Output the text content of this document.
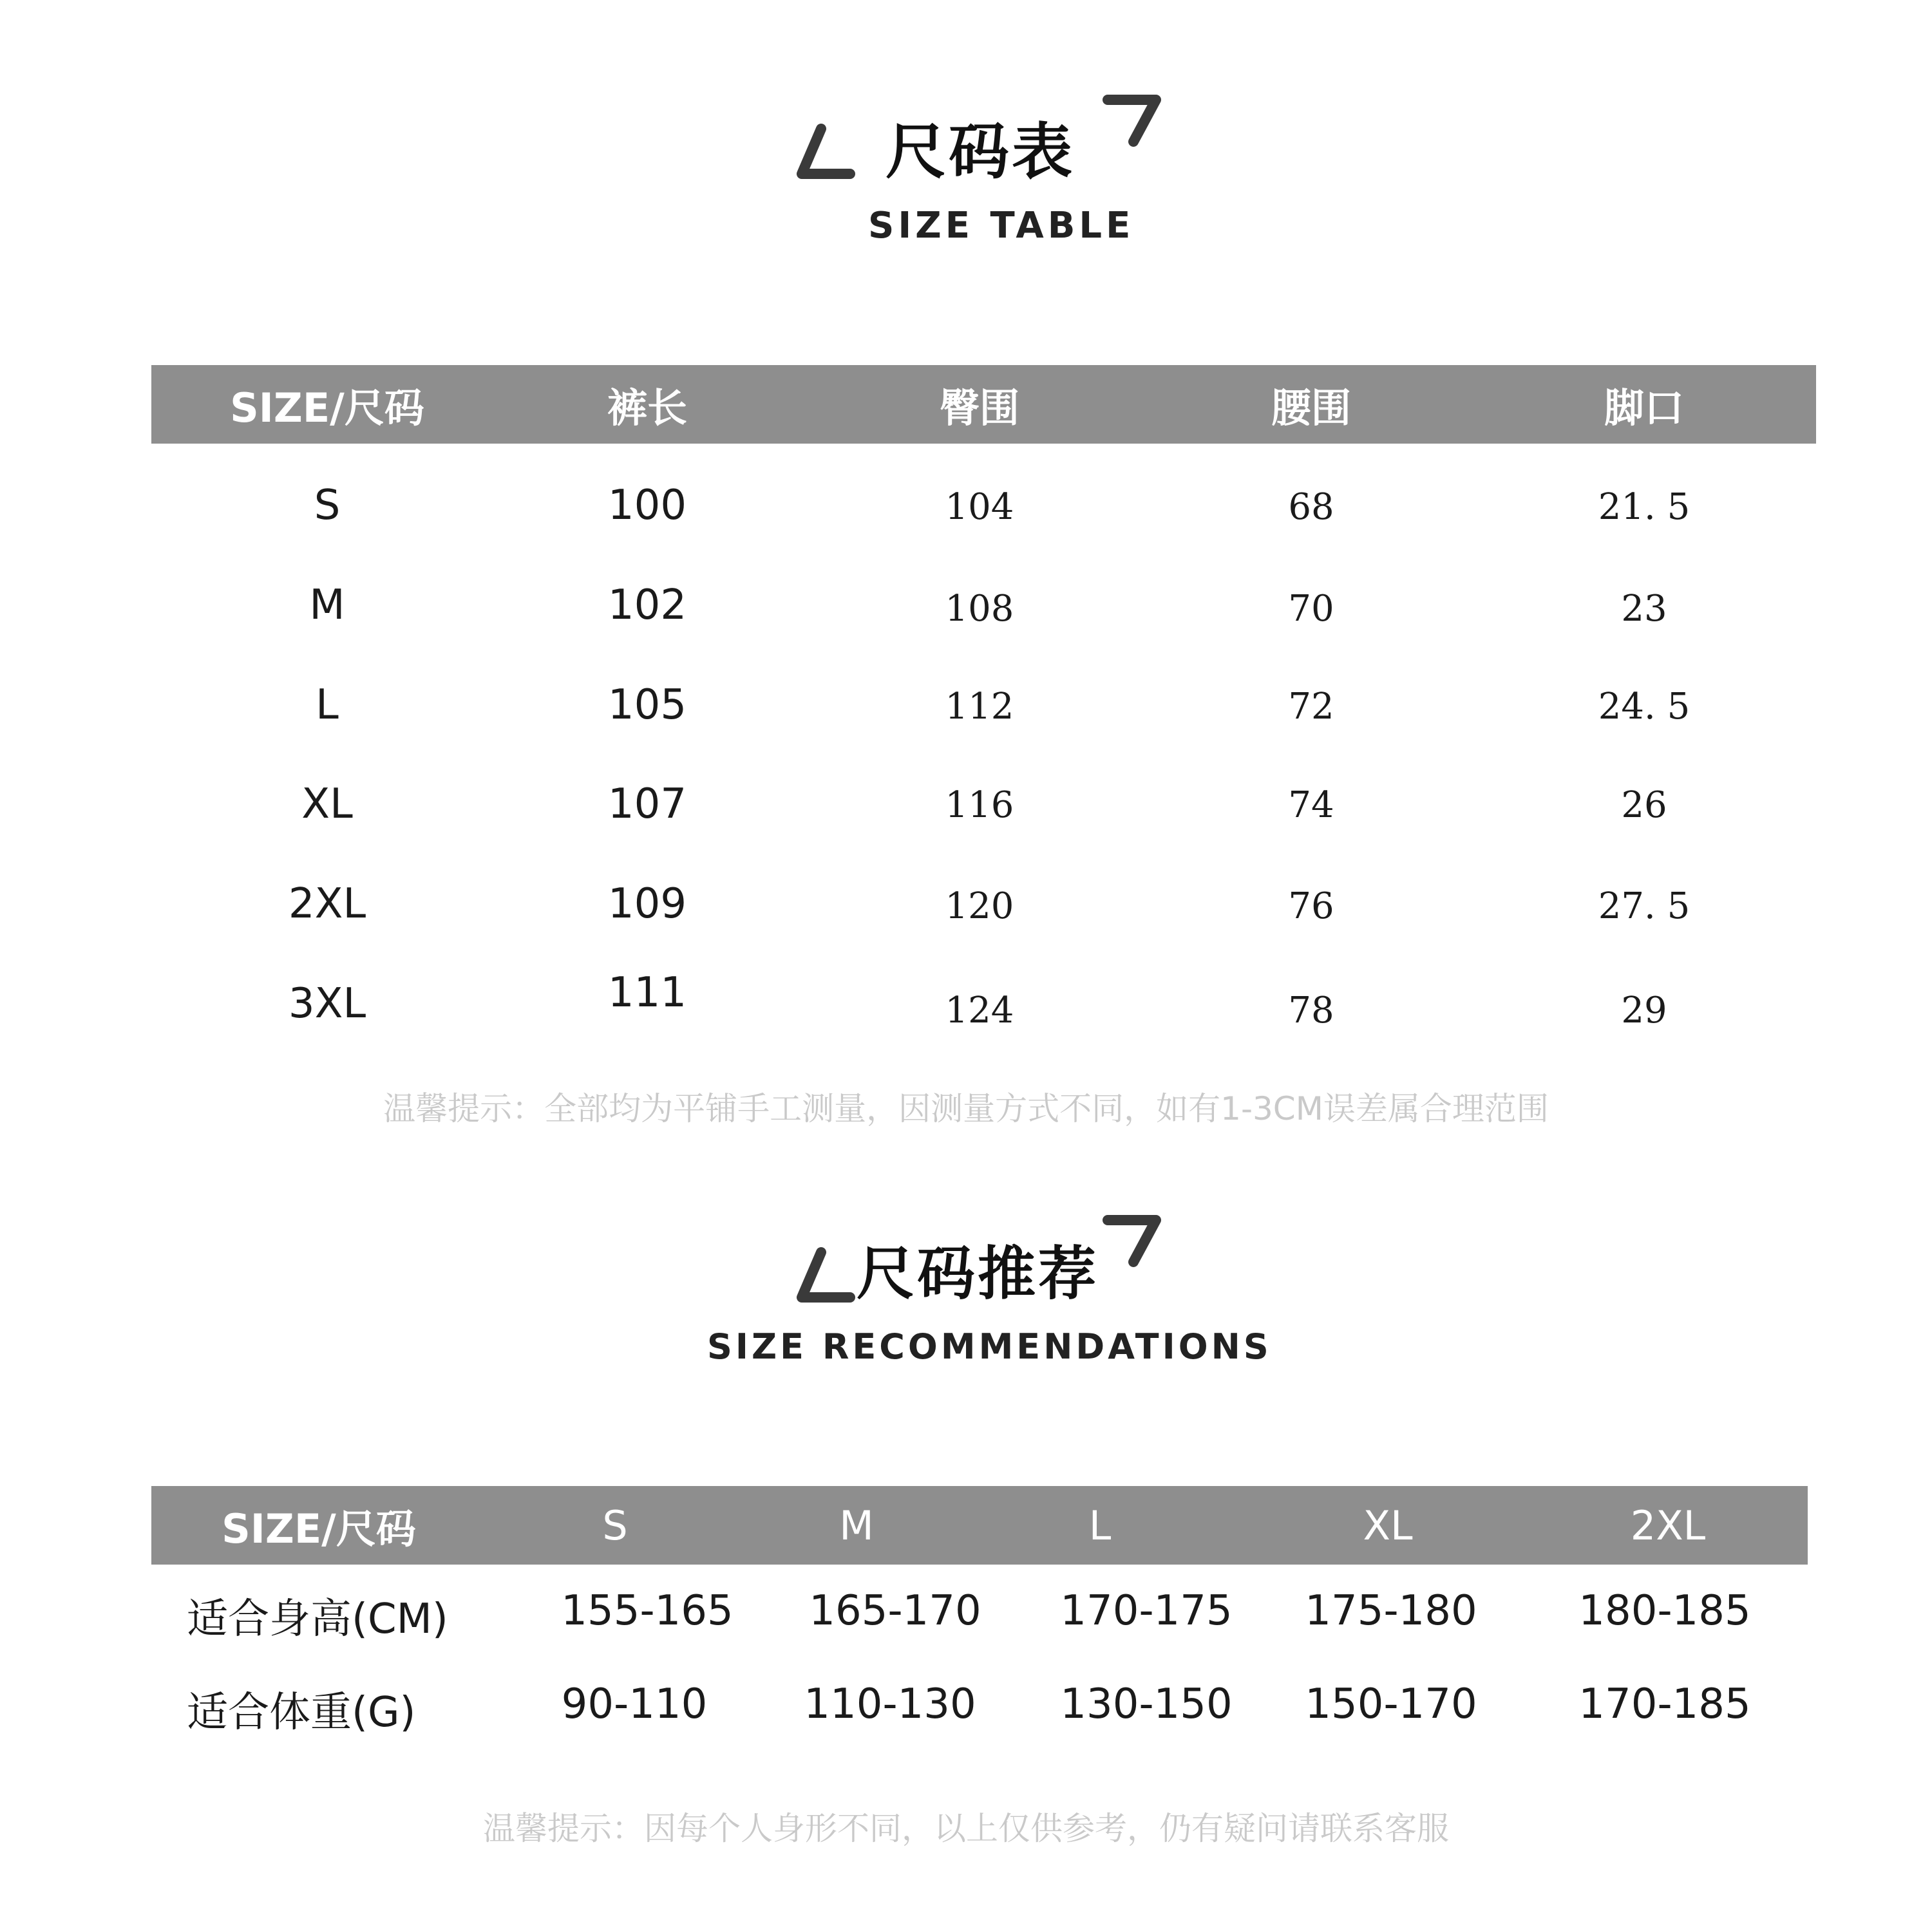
尺码表
SIZE TABLE
SIZE/尺码	裤长	臀围	腰围	脚口
S	100	104	68	21. 5
M	102	108	70	23
L	105	112	72	24. 5
XL	107	116	74	26
2XL	109	120	76	27. 5
3XL	111	124	78	29
温馨提示：全部均为平铺手工测量，因测量方式不同，如有1-3CM误差属合理范围
尺码推荐
SIZE RECOMMENDATIONS
SIZE/尺码	S	M	L	XL	2XL
适合身高(CM)	155-165	165-170	170-175	175-180	180-185
适合体重(G)	90-110	110-130	130-150	150-170	170-185
温馨提示：因每个人身形不同，以上仅供参考，仍有疑问请联系客服
